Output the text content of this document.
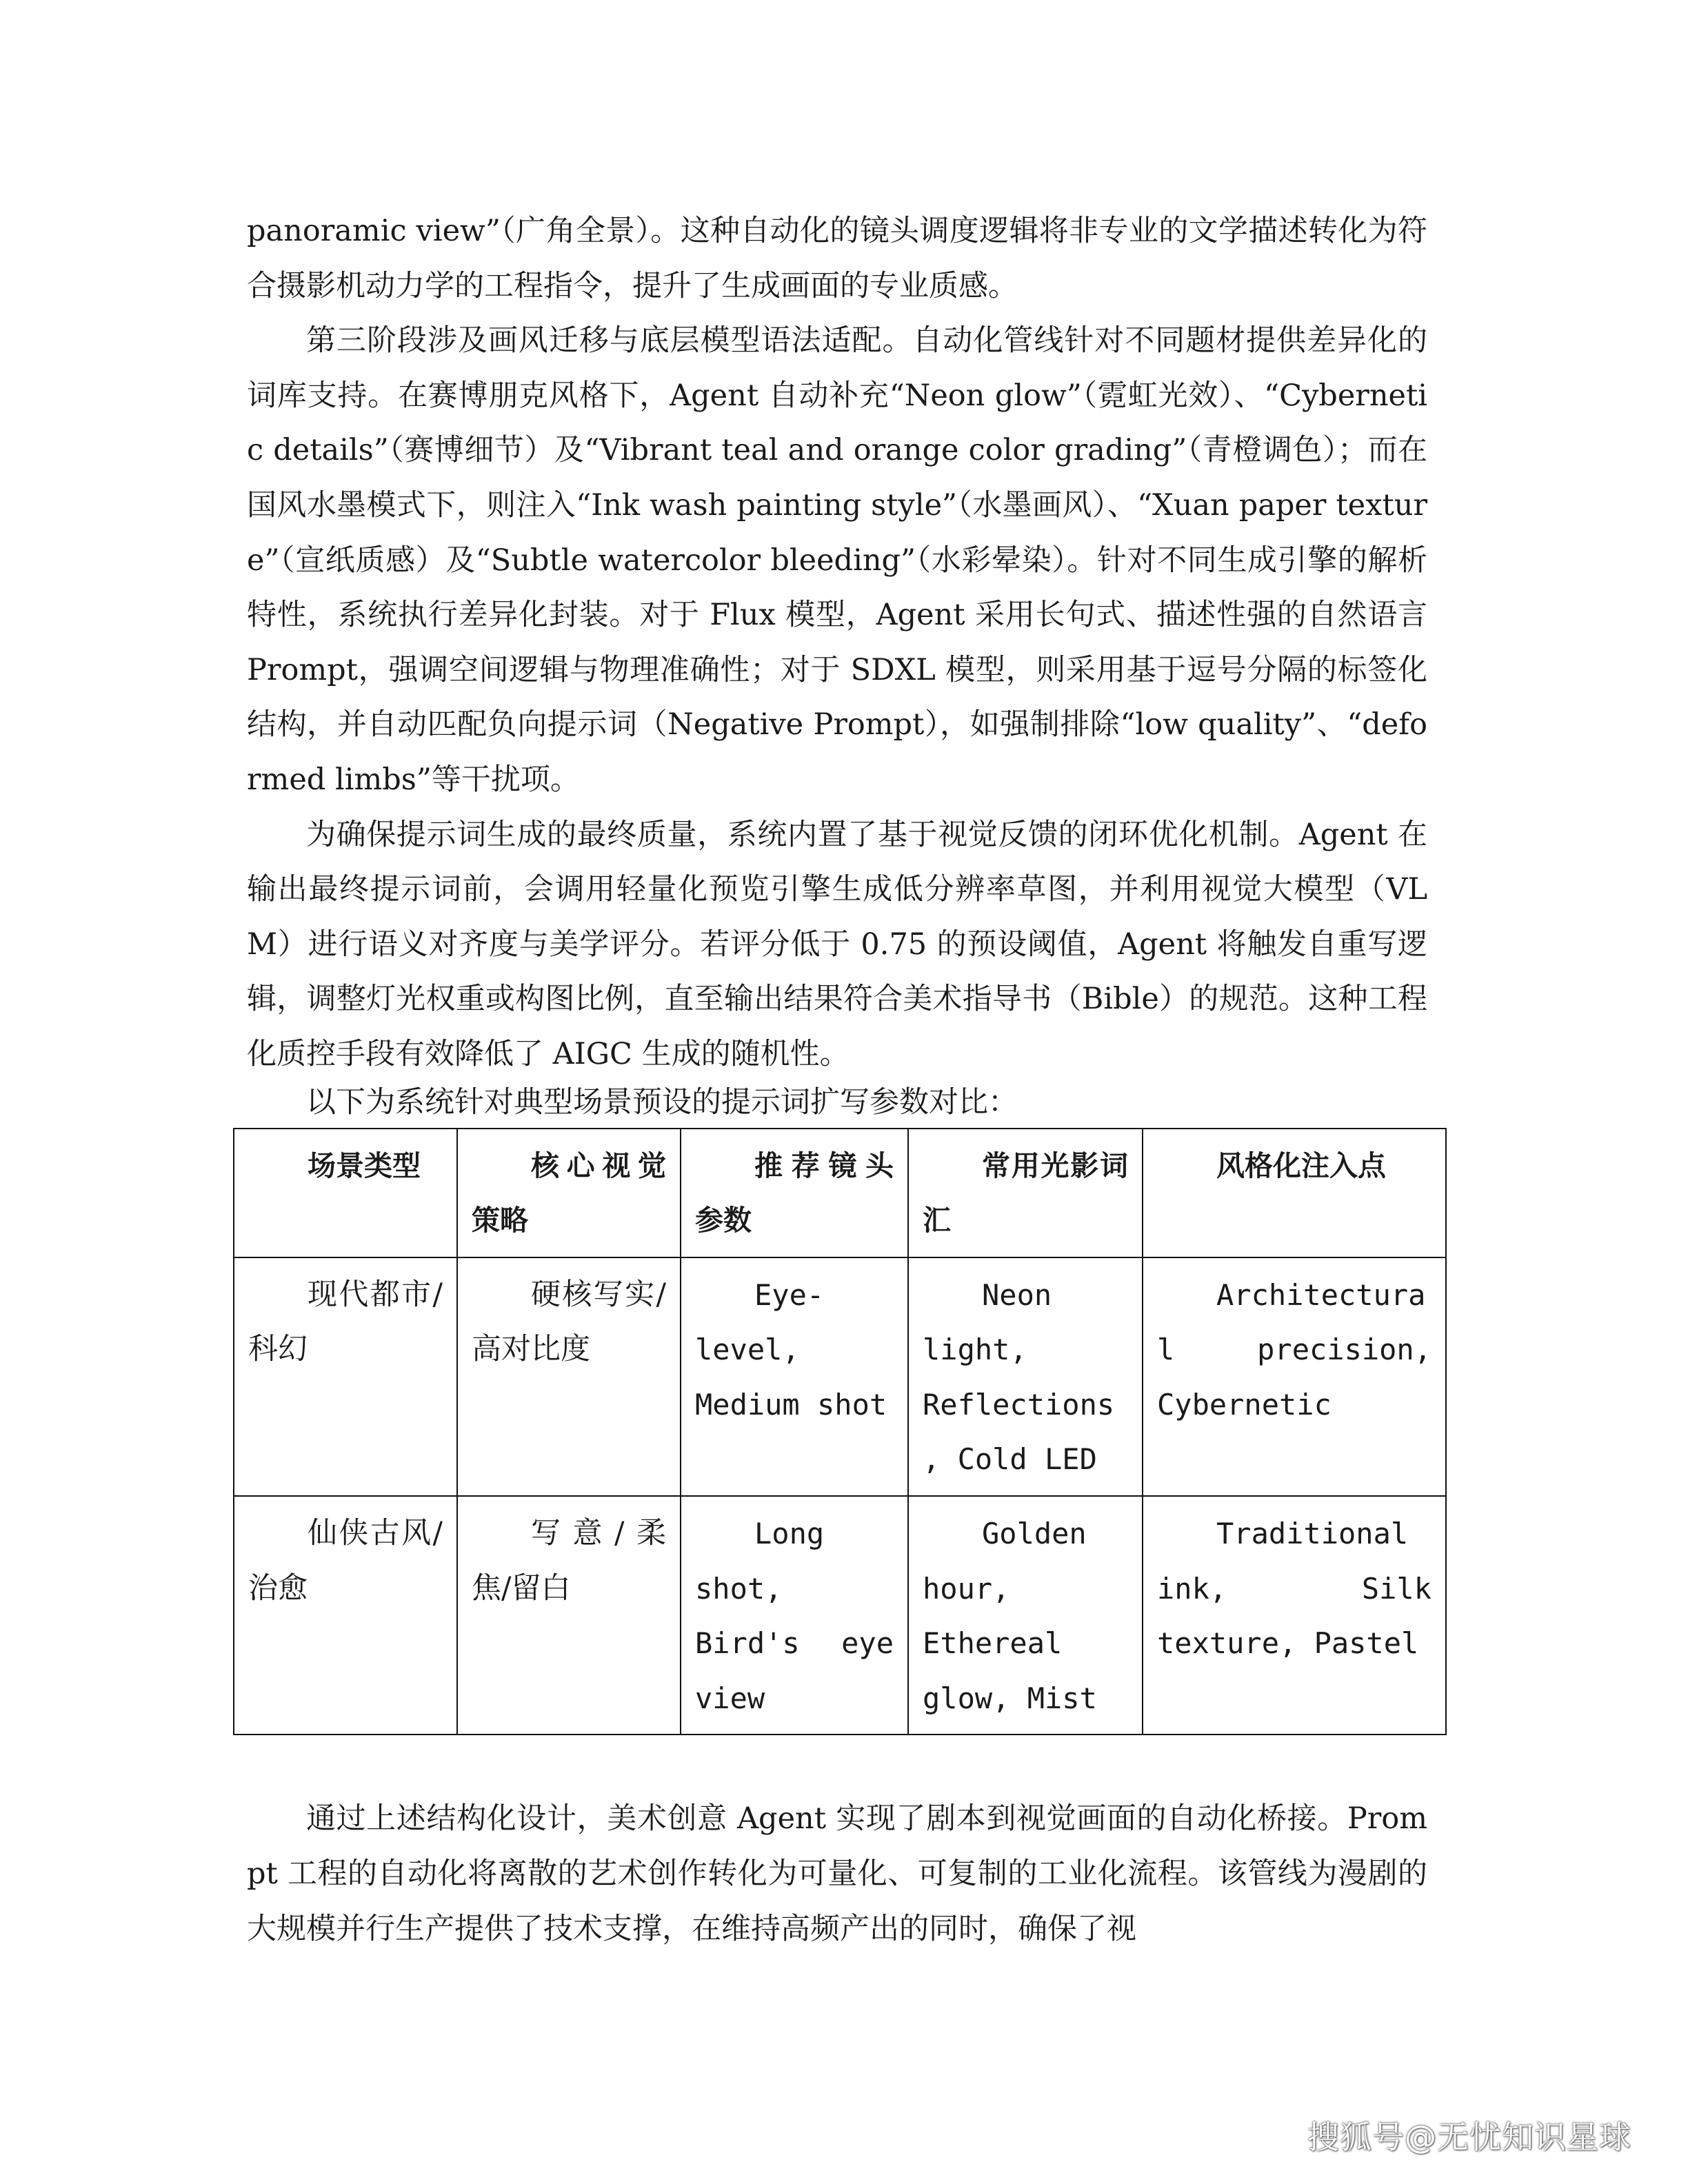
panoramic view”（广角全景）。这种自动化的镜头调度逻辑将非专业的文学描述转化为符合摄影机动力学的工程指令，提升了生成画面的专业质感。

第三阶段涉及画风迁移与底层模型语法适配。自动化管线针对不同题材提供差异化的词库支持。在赛博朋克风格下，Agent 自动补充“Neon glow”（霓虹光效）、“Cybernetic details”（赛博细节）及“Vibrant teal and orange color grading”（青橙调色）；而在国风水墨模式下，则注入“Ink wash painting style”（水墨画风）、“Xuan paper texture”（宣纸质感）及“Subtle watercolor bleeding”（水彩晕染）。针对不同生成引擎的解析特性，系统执行差异化封装。对于 Flux 模型，Agent 采用长句式、描述性强的自然语言 Prompt，强调空间逻辑与物理准确性；对于 SDXL 模型，则采用基于逗号分隔的标签化结构，并自动匹配负向提示词（Negative Prompt），如强制排除“low quality”、“deformed limbs”等干扰项。

为确保提示词生成的最终质量，系统内置了基于视觉反馈的闭环优化机制。Agent 在输出最终提示词前，会调用轻量化预览引擎生成低分辨率草图，并利用视觉大模型（VLM）进行语义对齐度与美学评分。若评分低于 0.75 的预设阈值，Agent 将触发自重写逻辑，调整灯光权重或构图比例，直至输出结果符合美术指导书（Bible）的规范。这种工程化质控手段有效降低了 AIGC 生成的随机性。

以下为系统针对典型场景预设的提示词扩写参数对比：

场景类型	核心视觉策略	推荐镜头参数	常用光影词汇	风格化注入点
现代都市/科幻	硬核写实/高对比度	Eye-level, Medium shot	Neon light, Reflections, Cold LED	Architectural precision, Cybernetic
仙侠古风/治愈	写意/柔焦/留白	Long shot, Bird's eye view	Golden hour, Ethereal glow, Mist	Traditional ink, Silk texture, Pastel

通过上述结构化设计，美术创意 Agent 实现了剧本到视觉画面的自动化桥接。Prompt 工程的自动化将离散的艺术创作转化为可量化、可复制的工业化流程。该管线为漫剧的大规模并行生产提供了技术支撑，在维持高频产出的同时，确保了视

搜狐号@无忧知识星球
